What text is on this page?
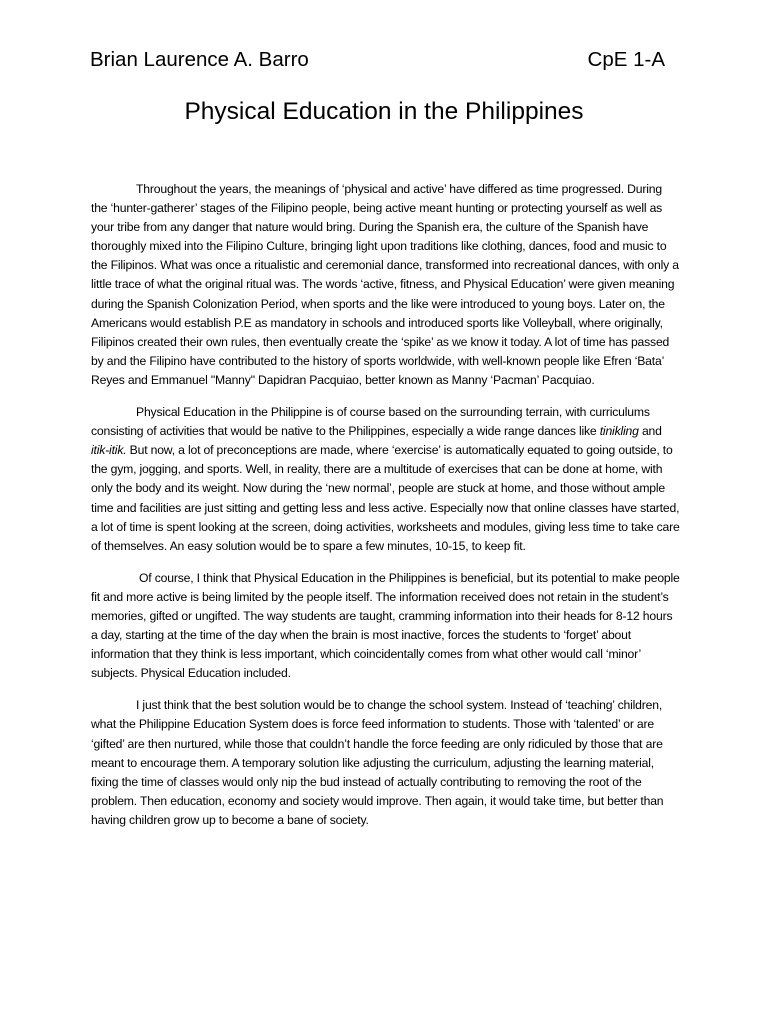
Brian Laurence A. Barro	CpE 1-A
Physical Education in the Philippines

Throughout the years, the meanings of ‘physical and active’ have differed as time progressed. During the ‘hunter-gatherer’ stages of the Filipino people, being active meant hunting or protecting yourself as well as your tribe from any danger that nature would bring. During the Spanish era, the culture of the Spanish have thoroughly mixed into the Filipino Culture, bringing light upon traditions like clothing, dances, food and music to the Filipinos. What was once a ritualistic and ceremonial dance, transformed into recreational dances, with only a little trace of what the original ritual was. The words ‘active, fitness, and Physical Education’ were given meaning during the Spanish Colonization Period, when sports and the like were introduced to young boys. Later on, the Americans would establish P.E as mandatory in schools and introduced sports like Volleyball, where originally, Filipinos created their own rules, then eventually create the ‘spike’ as we know it today. A lot of time has passed by and the Filipino have contributed to the history of sports worldwide, with well-known people like Efren ‘Bata’ Reyes and Emmanuel "Manny" Dapidran Pacquiao, better known as Manny ‘Pacman’ Pacquiao.

Physical Education in the Philippine is of course based on the surrounding terrain, with curriculums consisting of activities that would be native to the Philippines, especially a wide range dances like tinikling and itik-itik. But now, a lot of preconceptions are made, where ‘exercise’ is automatically equated to going outside, to the gym, jogging, and sports. Well, in reality, there are a multitude of exercises that can be done at home, with only the body and its weight. Now during the ‘new normal’, people are stuck at home, and those without ample time and facilities are just sitting and getting less and less active. Especially now that online classes have started, a lot of time is spent looking at the screen, doing activities, worksheets and modules, giving less time to take care of themselves. An easy solution would be to spare a few minutes, 10-15, to keep fit.

Of course, I think that Physical Education in the Philippines is beneficial, but its potential to make people fit and more active is being limited by the people itself. The information received does not retain in the student’s memories, gifted or ungifted. The way students are taught, cramming information into their heads for 8-12 hours a day, starting at the time of the day when the brain is most inactive, forces the students to ‘forget’ about information that they think is less important, which coincidentally comes from what other would call ‘minor’ subjects. Physical Education included.

I just think that the best solution would be to change the school system. Instead of ‘teaching’ children, what the Philippine Education System does is force feed information to students. Those with ‘talented’ or are ‘gifted’ are then nurtured, while those that couldn’t handle the force feeding are only ridiculed by those that are meant to encourage them. A temporary solution like adjusting the curriculum, adjusting the learning material, fixing the time of classes would only nip the bud instead of actually contributing to removing the root of the problem. Then education, economy and society would improve. Then again, it would take time, but better than having children grow up to become a bane of society.
